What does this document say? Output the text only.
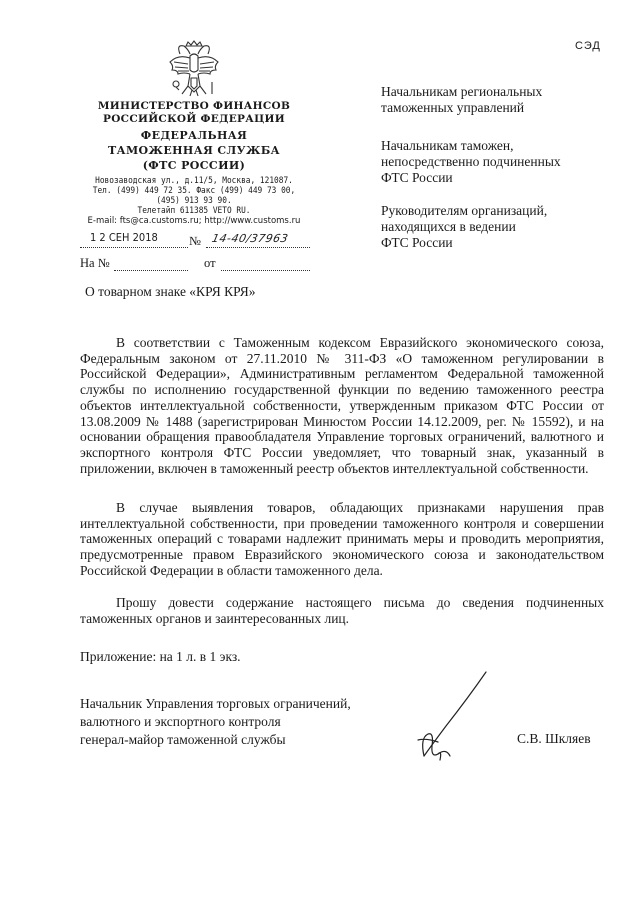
МИНИСТЕРСТВО ФИНАНСОВ
РОССИЙСКОЙ ФЕДЕРАЦИИ
ФЕДЕРАЛЬНАЯ
ТАМОЖЕННАЯ СЛУЖБА
(ФТС РОССИИ)
Новозаводская ул., д.11/5, Москва, 121087.
Тел. (499) 449 72 35. Факс (499) 449 73 00,
(495) 913 93 90.
Телетайп 611385 VETO RU.
E-mail: fts@ca.customs.ru; http://www.customs.ru
1 2 СЕН 2018 № 14-40/37963
На №	от
СЭД
Начальникам региональных
таможенных управлений
Начальникам таможен,
непосредственно подчиненных
ФТС России
Руководителям организаций,
находящихся в ведении
ФТС России
О товарном знаке «КРЯ КРЯ»
В соответствии с Таможенным кодексом Евразийского экономического союза, Федеральным законом от 27.11.2010 № 311-ФЗ «О таможенном регулировании в Российской Федерации», Административным регламентом Федеральной таможенной службы по исполнению государственной функции по ведению таможенного реестра объектов интеллектуальной собственности, утвержденным приказом ФТС России от 13.08.2009 № 1488 (зарегистрирован Минюстом России 14.12.2009, рег. № 15592), и на основании обращения правообладателя Управление торговых ограничений, валютного и экспортного контроля ФТС России уведомляет, что товарный знак, указанный в приложении, включен в таможенный реестр объектов интеллектуальной собственности.
В случае выявления товаров, обладающих признаками нарушения прав интеллектуальной собственности, при проведении таможенного контроля и совершении таможенных операций с товарами надлежит принимать меры и проводить мероприятия, предусмотренные правом Евразийского экономического союза и законодательством Российской Федерации в области таможенного дела.
Прошу довести содержание настоящего письма до сведения подчиненных таможенных органов и заинтересованных лиц.
Приложение: на 1 л. в 1 экз.
Начальник Управления торговых ограничений,
валютного и экспортного контроля
генерал-майор таможенной службы	С.В. Шкляев
